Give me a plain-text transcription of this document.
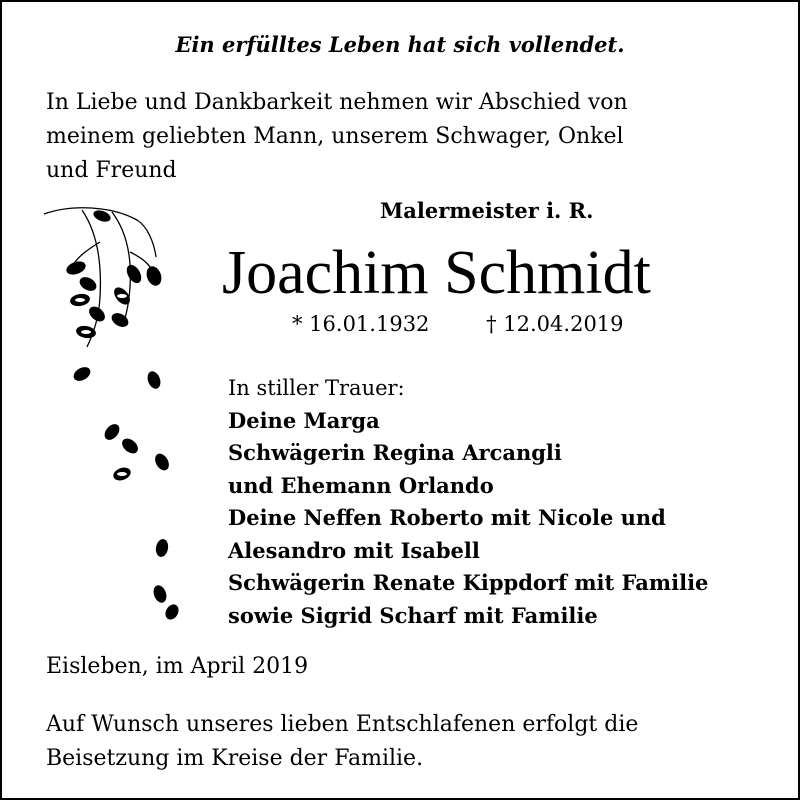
Ein erfülltes Leben hat sich vollendet.
In Liebe und Dankbarkeit nehmen wir Abschied von
meinem geliebten Mann, unserem Schwager, Onkel
und Freund
Malermeister i. R.
Joachim Schmidt
* 16.01.1932	† 12.04.2019
In stiller Trauer:
Deine Marga
Schwägerin Regina Arcangli
und Ehemann Orlando
Deine Neffen Roberto mit Nicole und
Alesandro mit Isabell
Schwägerin Renate Kippdorf mit Familie
sowie Sigrid Scharf mit Familie
Eisleben, im April 2019
Auf Wunsch unseres lieben Entschlafenen erfolgt die
Beisetzung im Kreise der Familie.
